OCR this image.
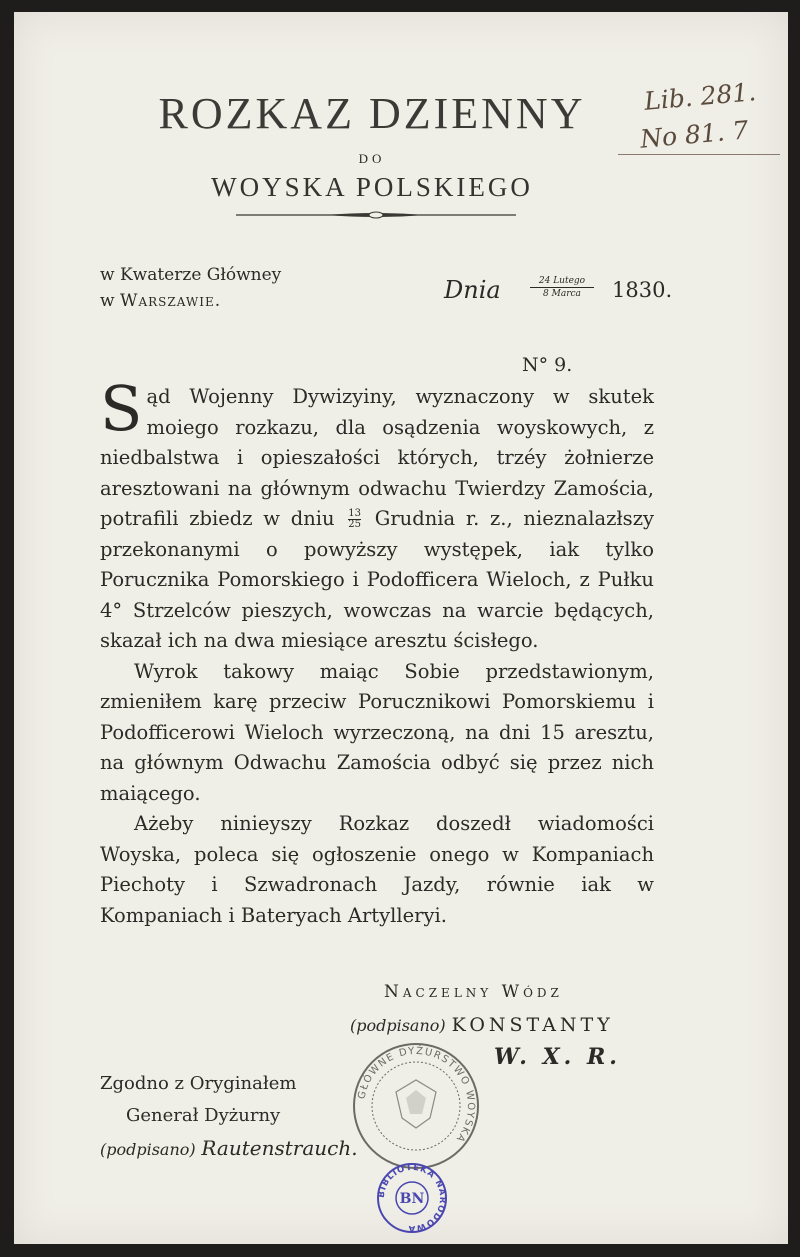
ROZKAZ DZIENNY
DO
WOYSKA POLSKIEGO
Lib. 281.
No 81. 7
w Kwaterze Główney
w Warszawie.	Dnia	24 Lutego
8 Marca	1830.
N° 9.

Sąd Wojenny Dywizyiny, wyznaczony w skutek moiego rozkazu, dla osądzenia woyskowych, z niedbalstwa i opieszałości których, trzéy żołnierze aresztowani na głównym odwachu Twierdzy Zamościa, potrafili zbiedz w dniu $\frac{13}{25}$ Grudnia r. z., nieznalazłszy przekonanymi o powyższy występek, iak tylko Porucznika Pomorskiego i Podofficera Wieloch, z Pułku 4° Strzelców pieszych, wowczas na warcie będących, skazał ich na dwa miesiące aresztu ścisłego.

Wyrok takowy maiąc Sobie przedstawionym, zmieniłem karę przeciw Porucznikowi Pomorskiemu i Podofficerowi Wieloch wyrzeczoną, na dni 15 aresztu, na głównym Odwachu Zamościa odbyć się przez nich maiącego.

Ażeby ninieyszy Rozkaz doszedł wiadomości Woyska, poleca się ogłoszenie onego w Kompaniach Piechoty i Szwadronach Jazdy, równie iak w Kompaniach i Bateryach Artylleryi.

Naczelny Wódz
(podpisano) KONSTANTY
W. X. R.
GŁÓWNE DYŻURSTWO WOYSKA
Zgodno z Oryginałem
Generał Dyżurny
(podpisano) Rautenstrauch.
BIBLIOTEKA NARODOWA
BN
